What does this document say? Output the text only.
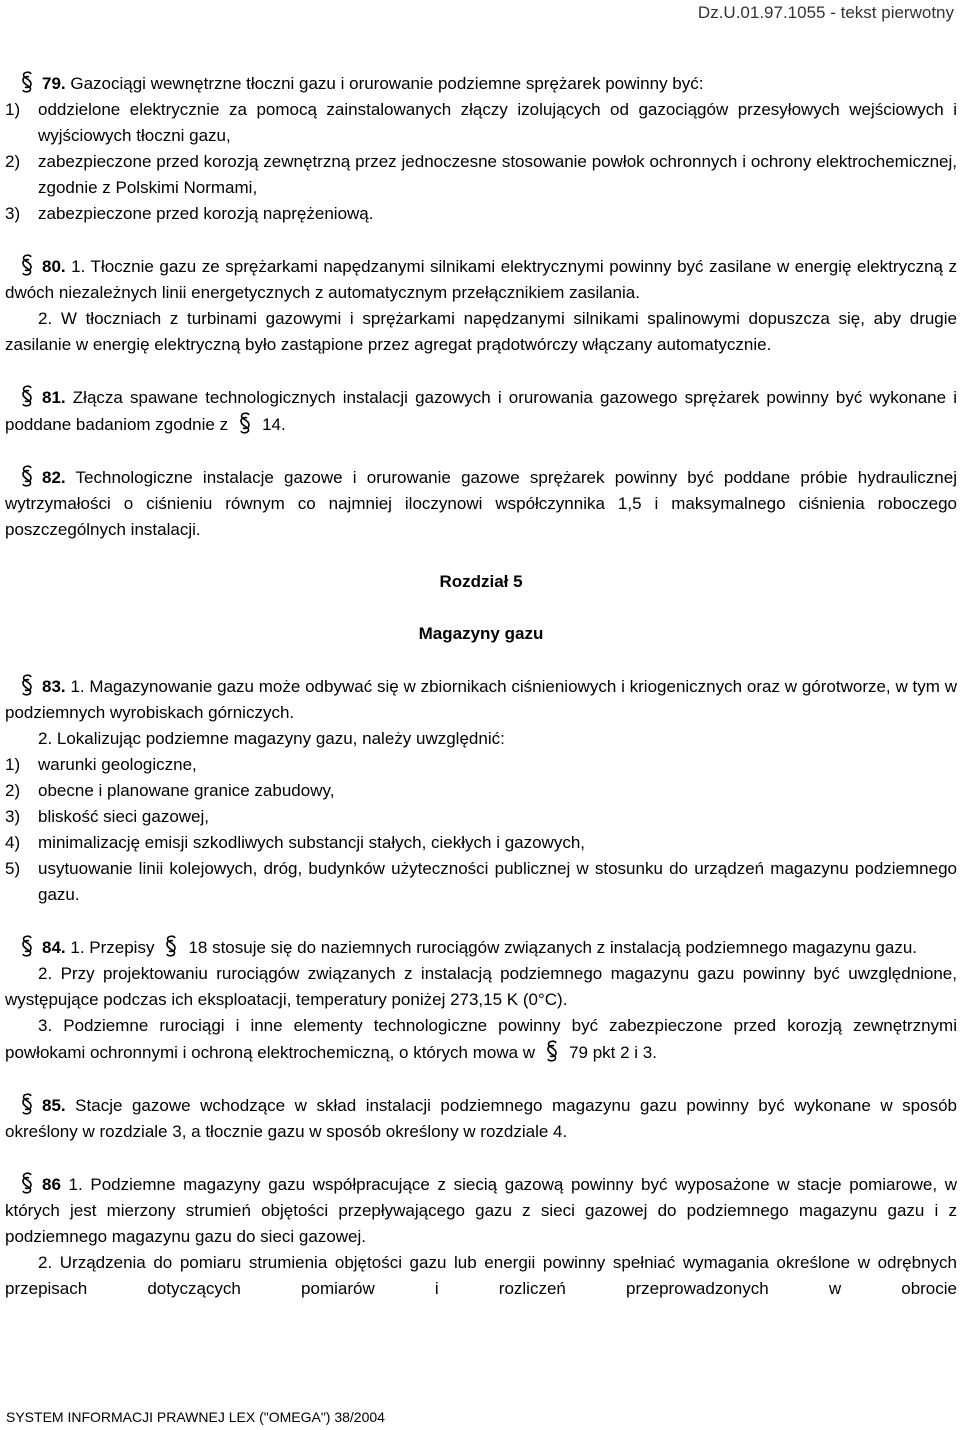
Dz.U.01.97.1055 - tekst pierwotny

79. Gazociągi wewnętrzne tłoczni gazu i orurowanie podziemne sprężarek powinny być:

1)	oddzielone elektrycznie za pomocą zainstalowanych złączy izolujących od gazociągów przesyłowych wejściowych i wyjściowych tłoczni gazu,
2)	zabezpieczone przed korozją zewnętrzną przez jednoczesne stosowanie powłok ochronnych i ochrony elektrochemicznej, zgodnie z Polskimi Normami,
3)	zabezpieczone przed korozją naprężeniową.

80. 1. Tłocznie gazu ze sprężarkami napędzanymi silnikami elektrycznymi powinny być zasilane w energię elektryczną z dwóch niezależnych linii energetycznych z automatycznym przełącznikiem zasilania.

2. W tłoczniach z turbinami gazowymi i sprężarkami napędzanymi silnikami spalinowymi dopuszcza się, aby drugie zasilanie w energię elektryczną było zastąpione przez agregat prądotwórczy włączany automatycznie.

81. Złącza spawane technologicznych instalacji gazowych i orurowania gazowego sprężarek powinny być wykonane i poddane badaniom zgodnie z 14.

82. Technologiczne instalacje gazowe i orurowanie gazowe sprężarek powinny być poddane próbie hydraulicznej wytrzymałości o ciśnieniu równym co najmniej iloczynowi współczynnika 1,5 i maksymalnego ciśnienia roboczego poszczególnych instalacji.

Rozdział 5

Magazyny gazu

83. 1. Magazynowanie gazu może odbywać się w zbiornikach ciśnieniowych i kriogenicznych oraz w górotworze, w tym w podziemnych wyrobiskach górniczych.

2. Lokalizując podziemne magazyny gazu, należy uwzględnić:

1)	warunki geologiczne,
2)	obecne i planowane granice zabudowy,
3)	bliskość sieci gazowej,
4)	minimalizację emisji szkodliwych substancji stałych, ciekłych i gazowych,
5)	usytuowanie linii kolejowych, dróg, budynków użyteczności publicznej w stosunku do urządzeń magazynu podziemnego gazu.

84. 1. Przepisy 18 stosuje się do naziemnych rurociągów związanych z instalacją podziemnego magazynu gazu.

2. Przy projektowaniu rurociągów związanych z instalacją podziemnego magazynu gazu powinny być uwzględnione, występujące podczas ich eksploatacji, temperatury poniżej 273,15 K (0°C).

3. Podziemne rurociągi i inne elementy technologiczne powinny być zabezpieczone przed korozją zewnętrznymi powłokami ochronnymi i ochroną elektrochemiczną, o których mowa w 79 pkt 2 i 3.

85. Stacje gazowe wchodzące w skład instalacji podziemnego magazynu gazu powinny być wykonane w sposób określony w rozdziale 3, a tłocznie gazu w sposób określony w rozdziale 4.

86 1. Podziemne magazyny gazu współpracujące z siecią gazową powinny być wyposażone w stacje pomiarowe, w których jest mierzony strumień objętości przepływającego gazu z sieci gazowej do podziemnego magazynu gazu i z podziemnego magazynu gazu do sieci gazowej.

2. Urządzenia do pomiaru strumienia objętości gazu lub energii powinny spełniać wymagania określone w odrębnych przepisach dotyczących pomiarów i rozliczeń przeprowadzonych w obrocie

SYSTEM INFORMACJI PRAWNEJ LEX ("OMEGA") 38/2004
